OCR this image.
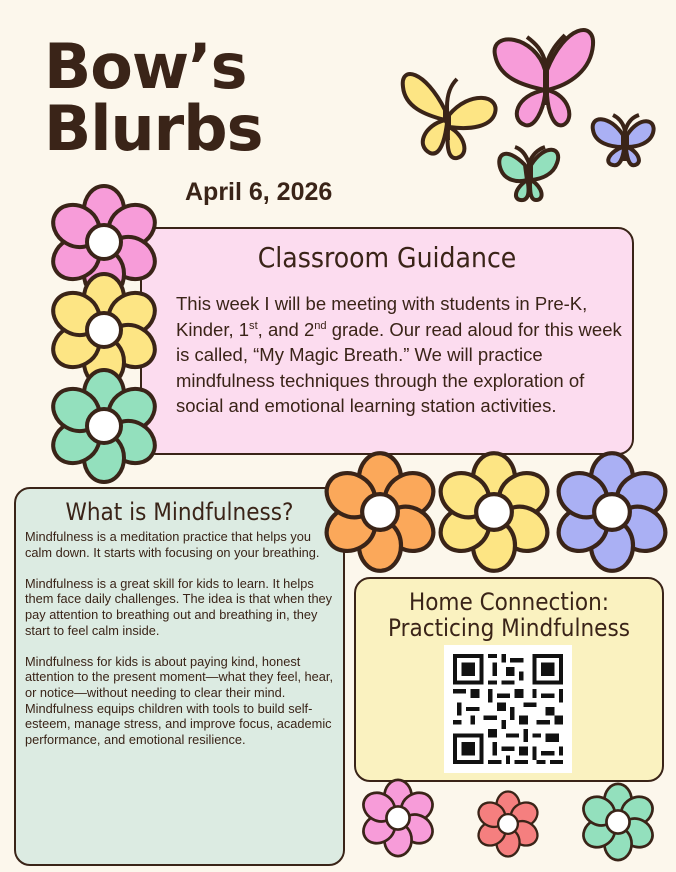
Bow’s
Blurbs
April 6, 2026
Classroom Guidance
This week I will be meeting with students in Pre-K, Kinder, 1st, and 2nd grade. Our read aloud for this week is called, “My Magic Breath.” We will practice mindfulness techniques through the exploration of social and emotional learning station activities.
What is Mindfulness?

Mindfulness is a meditation practice that helps you calm down. It starts with focusing on your breathing.

Mindfulness is a great skill for kids to learn. It helps them face daily challenges. The idea is that when they pay attention to breathing out and breathing in, they start to feel calm inside.

Mindfulness for kids is about paying kind, honest attention to the present moment—what they feel, hear, or notice—without needing to clear their mind.

Mindfulness equips children with tools to build self-esteem, manage stress, and improve focus, academic performance, and emotional resilience.

Home Connection:
Practicing Mindfulness
